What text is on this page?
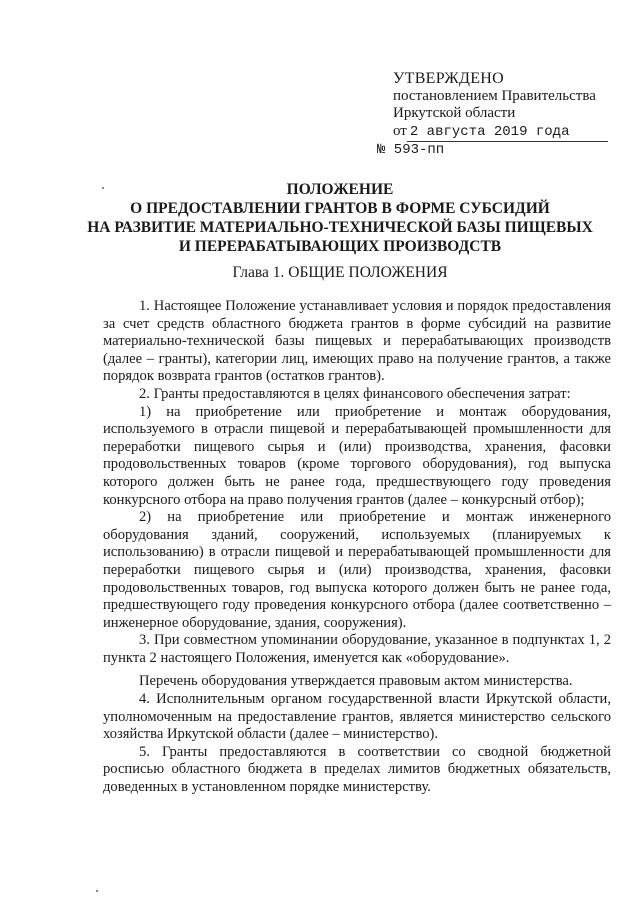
УТВЕРЖДЕНО
постановлением Правительства
Иркутской области
от 2 августа 2019 года
№ 593-пп
ПОЛОЖЕНИЕ
О ПРЕДОСТАВЛЕНИИ ГРАНТОВ В ФОРМЕ СУБСИДИЙ
НА РАЗВИТИЕ МАТЕРИАЛЬНО-ТЕХНИЧЕСКОЙ БАЗЫ ПИЩЕВЫХ
И ПЕРЕРАБАТЫВАЮЩИХ ПРОИЗВОДСТВ
Глава 1. ОБЩИЕ ПОЛОЖЕНИЯ

1. Настоящее Положение устанавливает условия и порядок предоставления за счет средств областного бюджета грантов в форме субсидий на развитие материально-технической базы пищевых и перерабатывающих производств (далее – гранты), категории лиц, имеющих право на получение грантов, а также порядок возврата грантов (остатков грантов).

2. Гранты предоставляются в целях финансового обеспечения затрат:

1) на приобретение или приобретение и монтаж оборудования, используемого в отрасли пищевой и перерабатывающей промышленности для переработки пищевого сырья и (или) производства, хранения, фасовки продовольственных товаров (кроме торгового оборудования), год выпуска которого должен быть не ранее года, предшествующего году проведения конкурсного отбора на право получения грантов (далее – конкурсный отбор);

2) на приобретение или приобретение и монтаж инженерного оборудования зданий, сооружений, используемых (планируемых к использованию) в отрасли пищевой и перерабатывающей промышленности для переработки пищевого сырья и (или) производства, хранения, фасовки продовольственных товаров, год выпуска которого должен быть не ранее года, предшествующего году проведения конкурсного отбора (далее соответственно – инженерное оборудование, здания, сооружения).

3. При совместном упоминании оборудование, указанное в подпунктах 1, 2 пункта 2 настоящего Положения, именуется как «оборудование».

Перечень оборудования утверждается правовым актом министерства.

4. Исполнительным органом государственной власти Иркутской области, уполномоченным на предоставление грантов, является министерство сельского хозяйства Иркутской области (далее – министерство).

5. Гранты предоставляются в соответствии со сводной бюджетной росписью областного бюджета в пределах лимитов бюджетных обязательств, доведенных в установленном порядке министерству.
